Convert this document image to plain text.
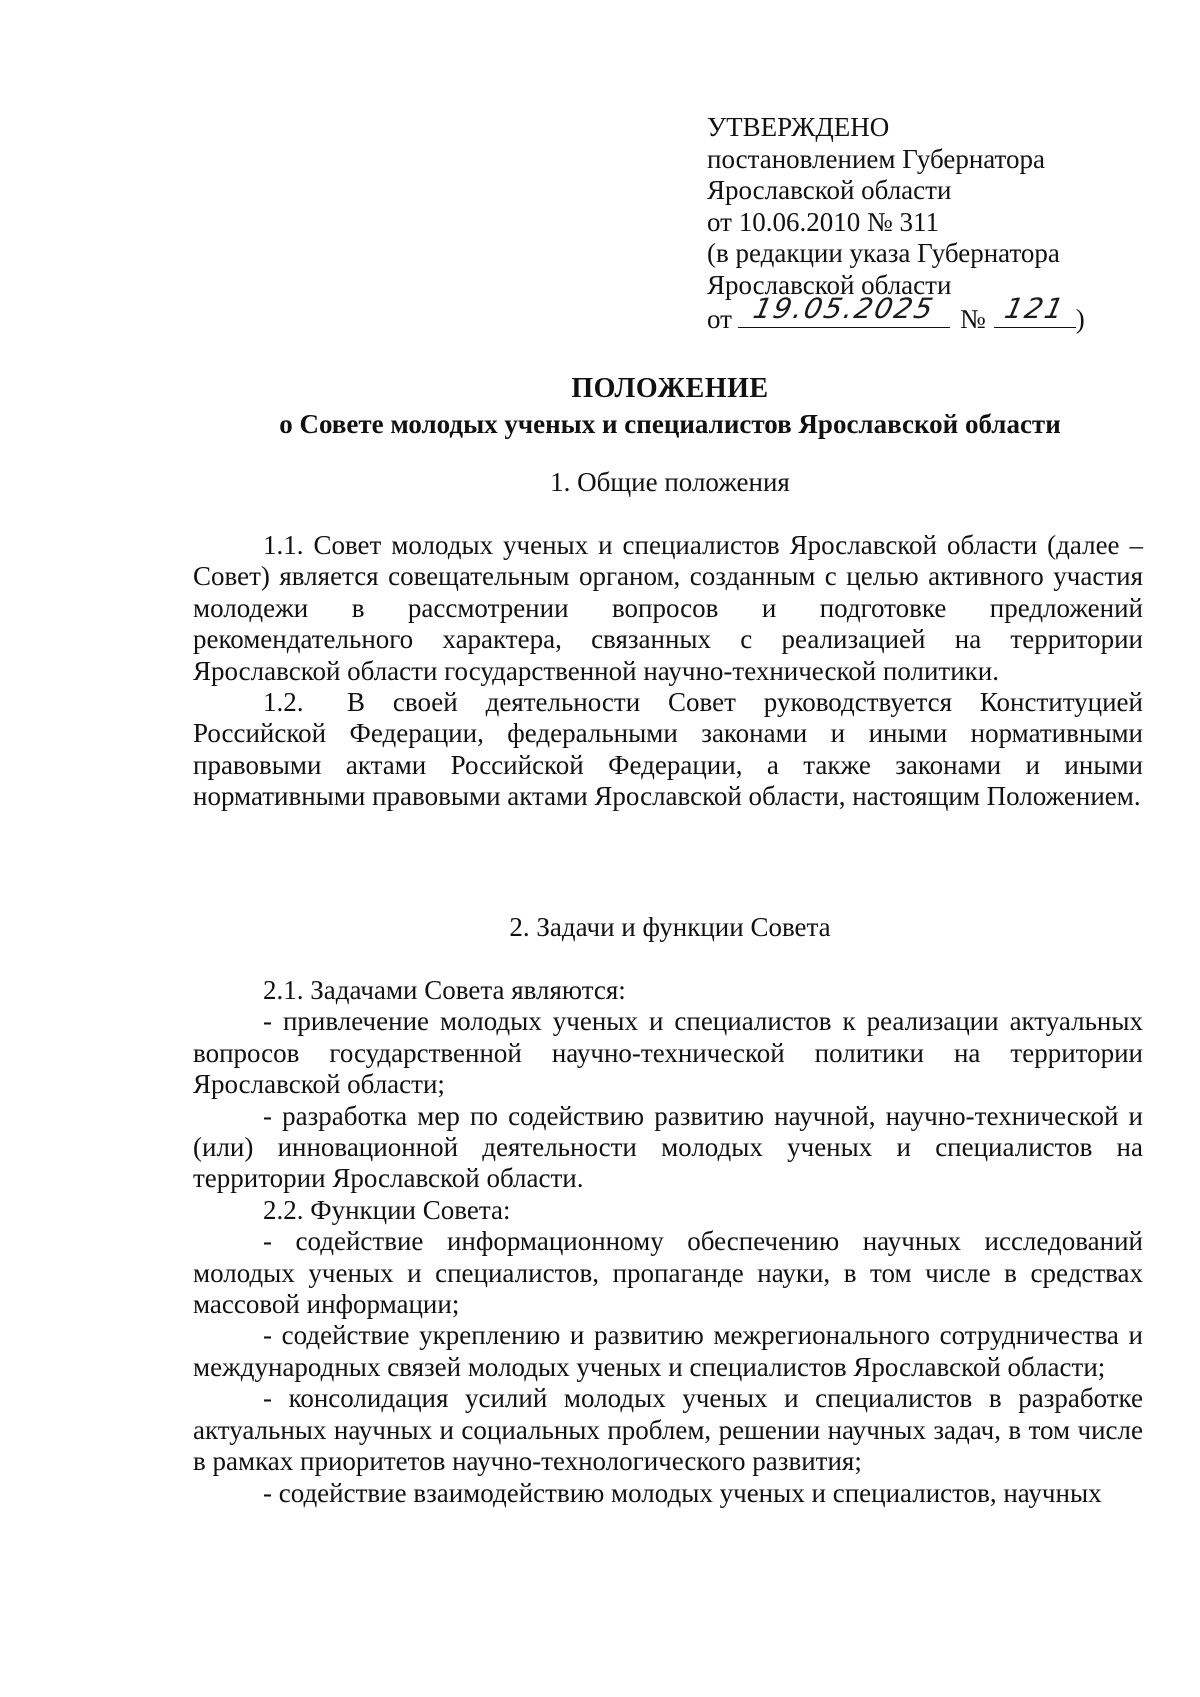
УТВЕРЖДЕНО
постановлением Губернатора
Ярославской области
от 10.06.2010 № 311
(в редакции указа Губернатора
Ярославской области
от 19.05.2025 № 121 )
ПОЛОЖЕНИЕ
о Совете молодых ученых и специалистов Ярославской области
1. Общие положения

1.1. Совет молодых ученых и специалистов Ярославской области (далее – Совет) является совещательным органом, созданным с целью активного участия молодежи в рассмотрении вопросов и подготовке предложений рекомендательного характера, связанных с реализацией на территории Ярославской области государственной научно-технической политики.

1.2. В своей деятельности Совет руководствуется Конституцией Российской Федерации, федеральными законами и иными нормативными правовыми актами Российской Федерации, а также законами и иными нормативными правовыми актами Ярославской области, настоящим Положением.

2. Задачи и функции Совета

2.1. Задачами Совета являются:

- привлечение молодых ученых и специалистов к реализации актуальных вопросов государственной научно-технической политики на территории Ярославской области;

- разработка мер по содействию развитию научной, научно-технической и (или) инновационной деятельности молодых ученых и специалистов на территории Ярославской области.

2.2. Функции Совета:

- содействие информационному обеспечению научных исследований молодых ученых и специалистов, пропаганде науки, в том числе в средствах массовой информации;

- содействие укреплению и развитию межрегионального сотрудничества и международных связей молодых ученых и специалистов Ярославской области;

- консолидация усилий молодых ученых и специалистов в разработке актуальных научных и социальных проблем, решении научных задач, в том числе в рамках приоритетов научно-технологического развития;

- содействие взаимодействию молодых ученых и специалистов, научных
